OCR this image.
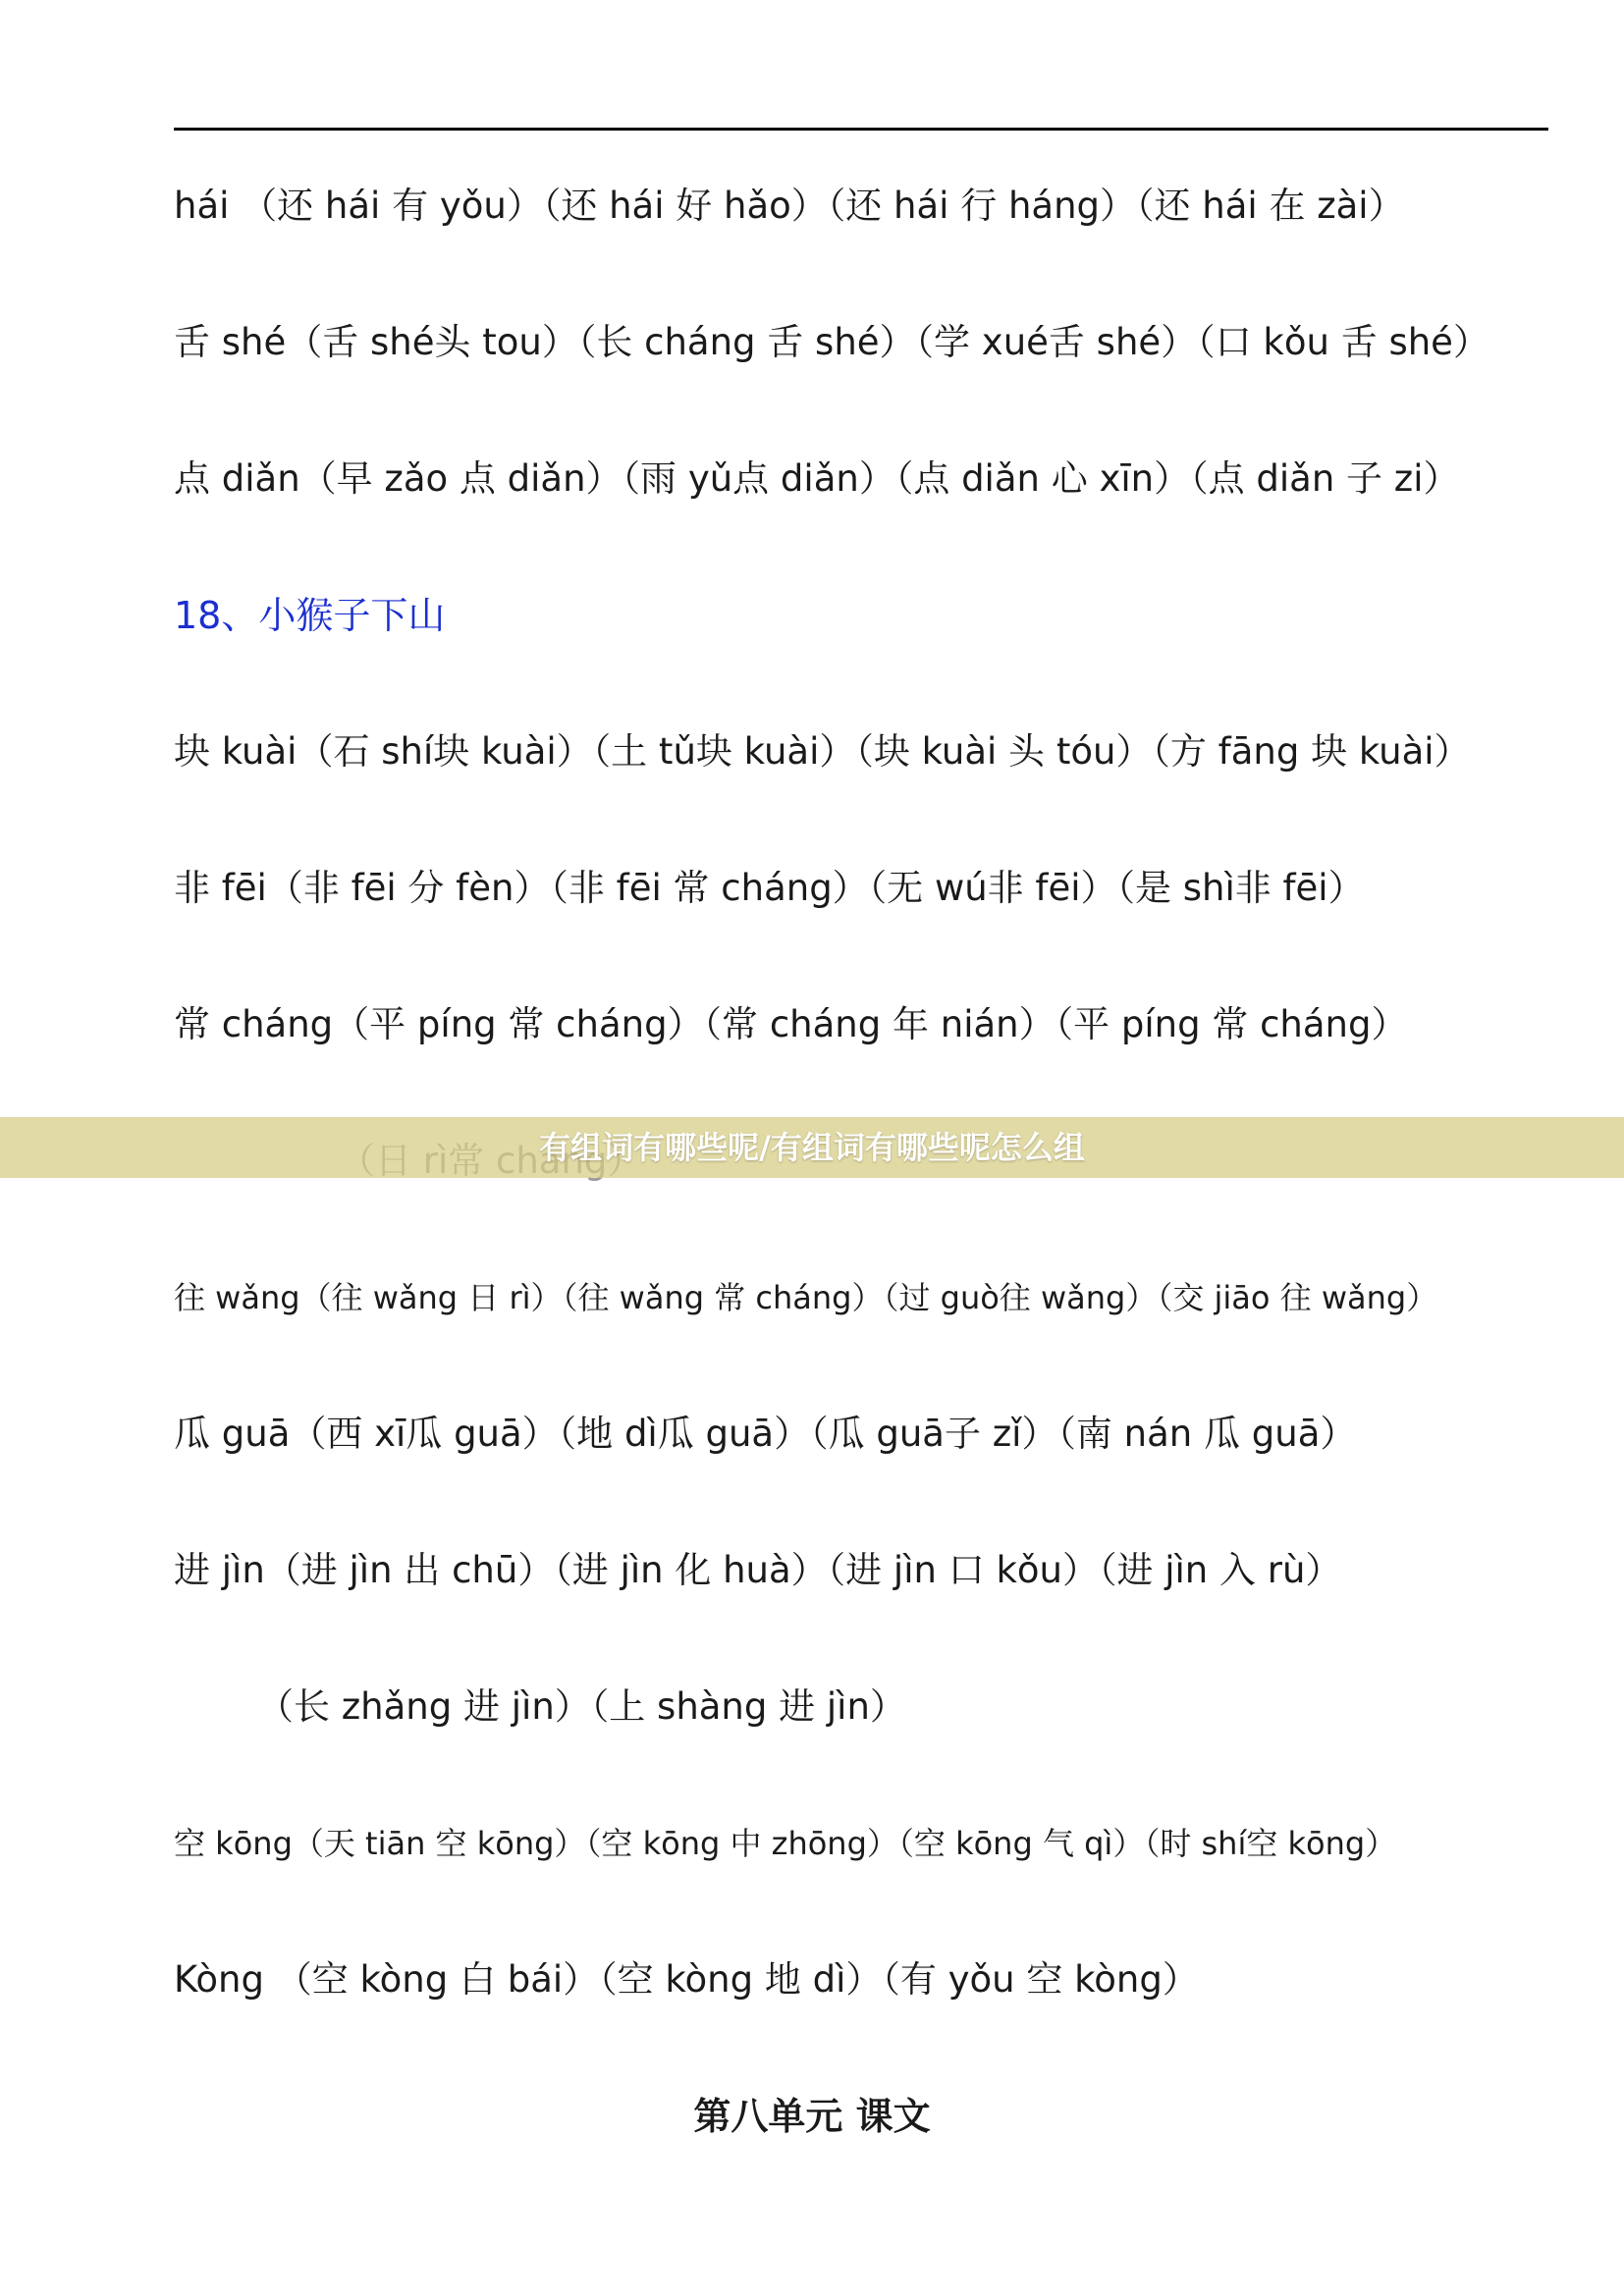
hái （还 hái 有 yǒu）（还 hái 好 hǎo）（还 hái 行 háng）（还 hái 在 zài）
舌 shé（舌 shé头 tou）（长 cháng 舌 shé）（学 xué舌 shé）（口 kǒu 舌 shé）
点 diǎn（早 zǎo 点 diǎn）（雨 yǔ点 diǎn）（点 diǎn 心 xīn）（点 diǎn 子 zi）
18、小猴子下山
块 kuài（石 shí块 kuài）（土 tǔ块 kuài）（块 kuài 头 tóu）（方 fāng 块 kuài）
非 fēi（非 fēi 分 fèn）（非 fēi 常 cháng）（无 wú非 fēi）（是 shì非 fēi）
常 cháng（平 píng 常 cháng）（常 cháng 年 nián）（平 píng 常 cháng）
往 wǎng（往 wǎng 日 rì）（往 wǎng 常 cháng）（过 guò往 wǎng）（交 jiāo 往 wǎng）
瓜 guā（西 xī瓜 guā）（地 dì瓜 guā）（瓜 guā子 zǐ）（南 nán 瓜 guā）
进 jìn（进 jìn 出 chū）（进 jìn 化 huà）（进 jìn 口 kǒu）（进 jìn 入 rù）
（长 zhǎng 进 jìn）（上 shàng 进 jìn）
空 kōng（天 tiān 空 kōng）（空 kōng 中 zhōng）（空 kōng 气 qì）（时 shí空 kōng）
Kòng （空 kòng 白 bái）（空 kòng 地 dì）（有 yǒu 空 kòng）
第八单元 课文
有组词有哪些呢/有组词有哪些呢怎么组
